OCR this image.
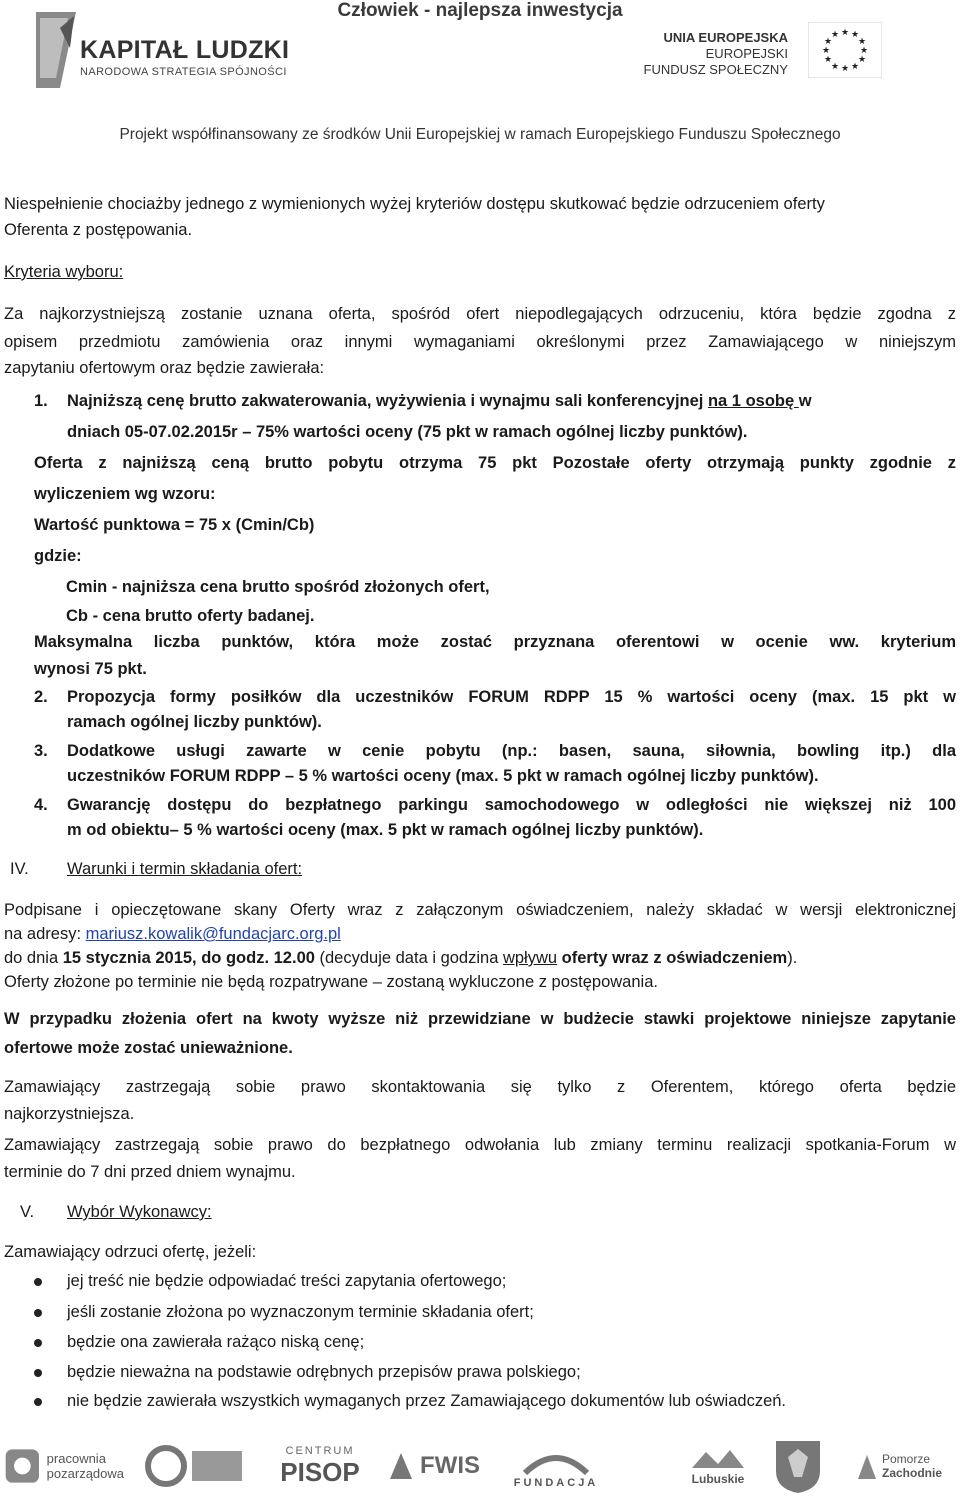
Człowiek - najlepsza inwestycja
KAPITAŁ LUDZKI
NARODOWA STRATEGIA SPÓJNOŚCI
UNIA EUROPEJSKA
EUROPEJSKI
FUNDUSZ SPOŁECZNY
★ ★
★
★
★
★
★
★
★
★
★
★
Projekt współfinansowany ze środków Unii Europejskiej w ramach Europejskiego Funduszu Społecznego
Niespełnienie chociażby jednego z wymienionych wyżej kryteriów dostępu skutkować będzie odrzuceniem oferty
Oferenta z postępowania.
Kryteria wyboru:
Za najkorzystniejszą zostanie uznana oferta, spośród ofert niepodlegających odrzuceniu, która będzie zgodna z
opisem przedmiotu zamówienia oraz innymi wymaganiami określonymi przez Zamawiającego w niniejszym
zapytaniu ofertowym oraz będzie zawierała:
1. Najniższą cenę brutto zakwaterowania, wyżywienia i wynajmu sali konferencyjnej na 1 osobę w
dniach 05-07.02.2015r – 75% wartości oceny (75 pkt w ramach ogólnej liczby punktów).
Oferta z najniższą ceną brutto pobytu otrzyma 75 pkt Pozostałe oferty otrzymają punkty zgodnie z
wyliczeniem wg wzoru:
Wartość punktowa = 75 x (Cmin/Cb)
gdzie:
Cmin - najniższa cena brutto spośród złożonych ofert,
Cb - cena brutto oferty badanej.
Maksymalna liczba punktów, która może zostać przyznana oferentowi w ocenie ww. kryterium
wynosi 75 pkt.
2. Propozycja formy posiłków dla uczestników FORUM RDPP 15 % wartości oceny (max. 15 pkt w
ramach ogólnej liczby punktów).
3. Dodatkowe usługi zawarte w cenie pobytu (np.: basen, sauna, siłownia, bowling itp.) dla
uczestników FORUM RDPP – 5 % wartości oceny (max. 5 pkt w ramach ogólnej liczby punktów).
4. Gwarancję dostępu do bezpłatnego parkingu samochodowego w odległości nie większej niż 100
m od obiektu– 5 % wartości oceny (max. 5 pkt w ramach ogólnej liczby punktów).
IV. Warunki i termin składania ofert:
Podpisane i opieczętowane skany Oferty wraz z załączonym oświadczeniem, należy składać w wersji elektronicznej
na adresy: mariusz.kowalik@fundacjarc.org.pl
do dnia 15 stycznia 2015, do godz. 12.00 (decyduje data i godzina wpływu oferty wraz z oświadczeniem).
Oferty złożone po terminie nie będą rozpatrywane – zostaną wykluczone z postępowania.
W przypadku złożenia ofert na kwoty wyższe niż przewidziane w budżecie stawki projektowe niniejsze zapytanie
ofertowe może zostać unieważnione.
Zamawiający zastrzegają sobie prawo skontaktowania się tylko z Oferentem, którego oferta będzie
najkorzystniejsza.
Zamawiający zastrzegają sobie prawo do bezpłatnego odwołania lub zmiany terminu realizacji spotkania-Forum w
terminie do 7 dni przed dniem wynajmu.
V. Wybór Wykonawcy:
Zamawiający odrzuci ofertę, jeżeli:
jej treść nie będzie odpowiadać treści zapytania ofertowego;
jeśli zostanie złożona po wyznaczonym terminie składania ofert;
będzie ona zawierała rażąco niską cenę;
będzie nieważna na podstawie odrębnych przepisów prawa polskiego;
nie będzie zawierała wszystkich wymaganych przez Zamawiającego dokumentów lub oświadczeń.
pracownia
pozarządowa
CENTRUM
PISOP	FWIS
FUNDACJA	Lubuskie
Pomorze
Zachodnie
